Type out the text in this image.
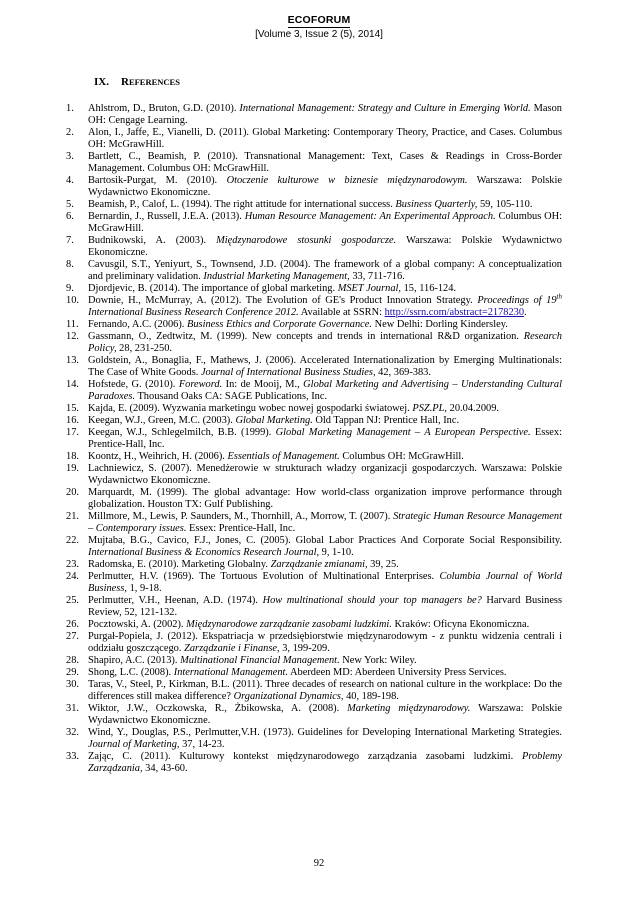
ECOFORUM
[Volume 3, Issue 2 (5), 2014]
IX. REFERENCES
1.	Ahlstrom, D., Bruton, G.D. (2010). International Management: Strategy and Culture in Emerging World. Mason OH: Cengage Learning.
2.	Alon, I., Jaffe, E., Vianelli, D. (2011). Global Marketing: Contemporary Theory, Practice, and Cases. Columbus OH: McGrawHill.
3.	Bartlett, C., Beamish, P. (2010). Transnational Management: Text, Cases & Readings in Cross-Border Management. Columbus OH: McGrawHill.
4.	Bartosik-Purgat, M. (2010). Otoczenie kulturowe w biznesie międzynarodowym. Warszawa: Polskie Wydawnictwo Ekonomiczne.
5.	Beamish, P., Calof, L. (1994). The right attitude for international success. Business Quarterly, 59, 105-110.
6.	Bernardin, J., Russell, J.E.A. (2013). Human Resource Management: An Experimental Approach. Columbus OH: McGrawHill.
7.	Budnikowski, A. (2003). Międzynarodowe stosunki gospodarcze. Warszawa: Polskie Wydawnictwo Ekonomiczne.
8.	Cavusgil, S.T., Yeniyurt, S., Townsend, J.D. (2004). The framework of a global company: A conceptualization and preliminary validation. Industrial Marketing Management, 33, 711-716.
9.	Djordjevic, B. (2014). The importance of global marketing. MSET Journal, 15, 116-124.
10. Downie, H., McMurray, A. (2012). The Evolution of GE's Product Innovation Strategy. Proceedings of 19th International Business Research Conference 2012. Available at SSRN: http://ssrn.com/abstract=2178230.
11. Fernando, A.C. (2006). Business Ethics and Corporate Governance. New Delhi: Dorling Kindersley.
12. Gassmann, O., Zedtwitz, M. (1999). New concepts and trends in international R&D organization. Research Policy, 28, 231-250.
13. Goldstein, A., Bonaglia, F., Mathews, J. (2006). Accelerated Internationalization by Emerging Multinationals: The Case of White Goods. Journal of International Business Studies, 42, 369-383.
14. Hofstede, G. (2010). Foreword. In: de Mooij, M., Global Marketing and Advertising – Understanding Cultural Paradoxes. Thousand Oaks CA: SAGE Publications, Inc.
15. Kajda, E. (2009). Wyzwania marketingu wobec nowej gospodarki światowej. PSZ.PL, 20.04.2009.
16. Keegan, W.J., Green, M.C. (2003). Global Marketing. Old Tappan NJ: Prentice Hall, Inc.
17. Keegan, W.J., Schlegelmilch, B.B. (1999). Global Marketing Management – A European Perspective. Essex: Prentice-Hall, Inc.
18. Koontz, H., Weihrich, H. (2006). Essentials of Management. Columbus OH: McGrawHill.
19. Lachniewicz, S. (2007). Menedżerowie w strukturach władzy organizacji gospodarczych. Warszawa: Polskie Wydawnictwo Ekonomiczne.
20. Marquardt, M. (1999). The global advantage: How world-class organization improve performance through globalization. Houston TX: Gulf Publishing.
21. Millmore, M., Lewis, P. Saunders, M., Thornhill, A., Morrow, T. (2007). Strategic Human Resource Management – Contemporary issues. Essex: Prentice-Hall, Inc.
22. Mujtaba, B.G., Cavico, F.J., Jones, C. (2005). Global Labor Practices And Corporate Social Responsibility. International Business & Economics Research Journal, 9, 1-10.
23. Radomska, E. (2010). Marketing Globalny. Zarządzanie zmianami, 39, 25.
24. Perlmutter, H.V. (1969). The Tortuous Evolution of Multinational Enterprises. Columbia Journal of World Business, 1, 9-18.
25. Perlmutter, V.H., Heenan, A.D. (1974). How multinational should your top managers be? Harvard Business Review, 52, 121-132.
26. Pocztowski, A. (2002). Międzynarodowe zarządzanie zasobami ludzkimi. Kraków: Oficyna Ekonomiczna.
27. Purgał-Popiela, J. (2012). Ekspatriacja w przedsiębiorstwie międzynarodowym - z punktu widzenia centrali i oddziału goszczącego. Zarządzanie i Finanse, 3, 199-209.
28. Shapiro, A.C. (2013). Multinational Financial Management. New York: Wiley.
29. Shong, L.C. (2008). International Management. Aberdeen MD: Aberdeen University Press Services.
30. Taras, V., Steel, P., Kirkman, B.L. (2011). Three decades of research on national culture in the workplace: Do the differences still makea difference? Organizational Dynamics, 40, 189-198.
31. Wiktor, J.W., Oczkowska, R., Żbikowska, A. (2008). Marketing międzynarodowy. Warszawa: Polskie Wydawnictwo Ekonomiczne.
32. Wind, Y., Douglas, P.S., Perlmutter,V.H. (1973). Guidelines for Developing International Marketing Strategies. Journal of Marketing, 37, 14-23.
33. Zając, C. (2011). Kulturowy kontekst międzynarodowego zarządzania zasobami ludzkimi. Problemy Zarządzania, 34, 43-60.
92
